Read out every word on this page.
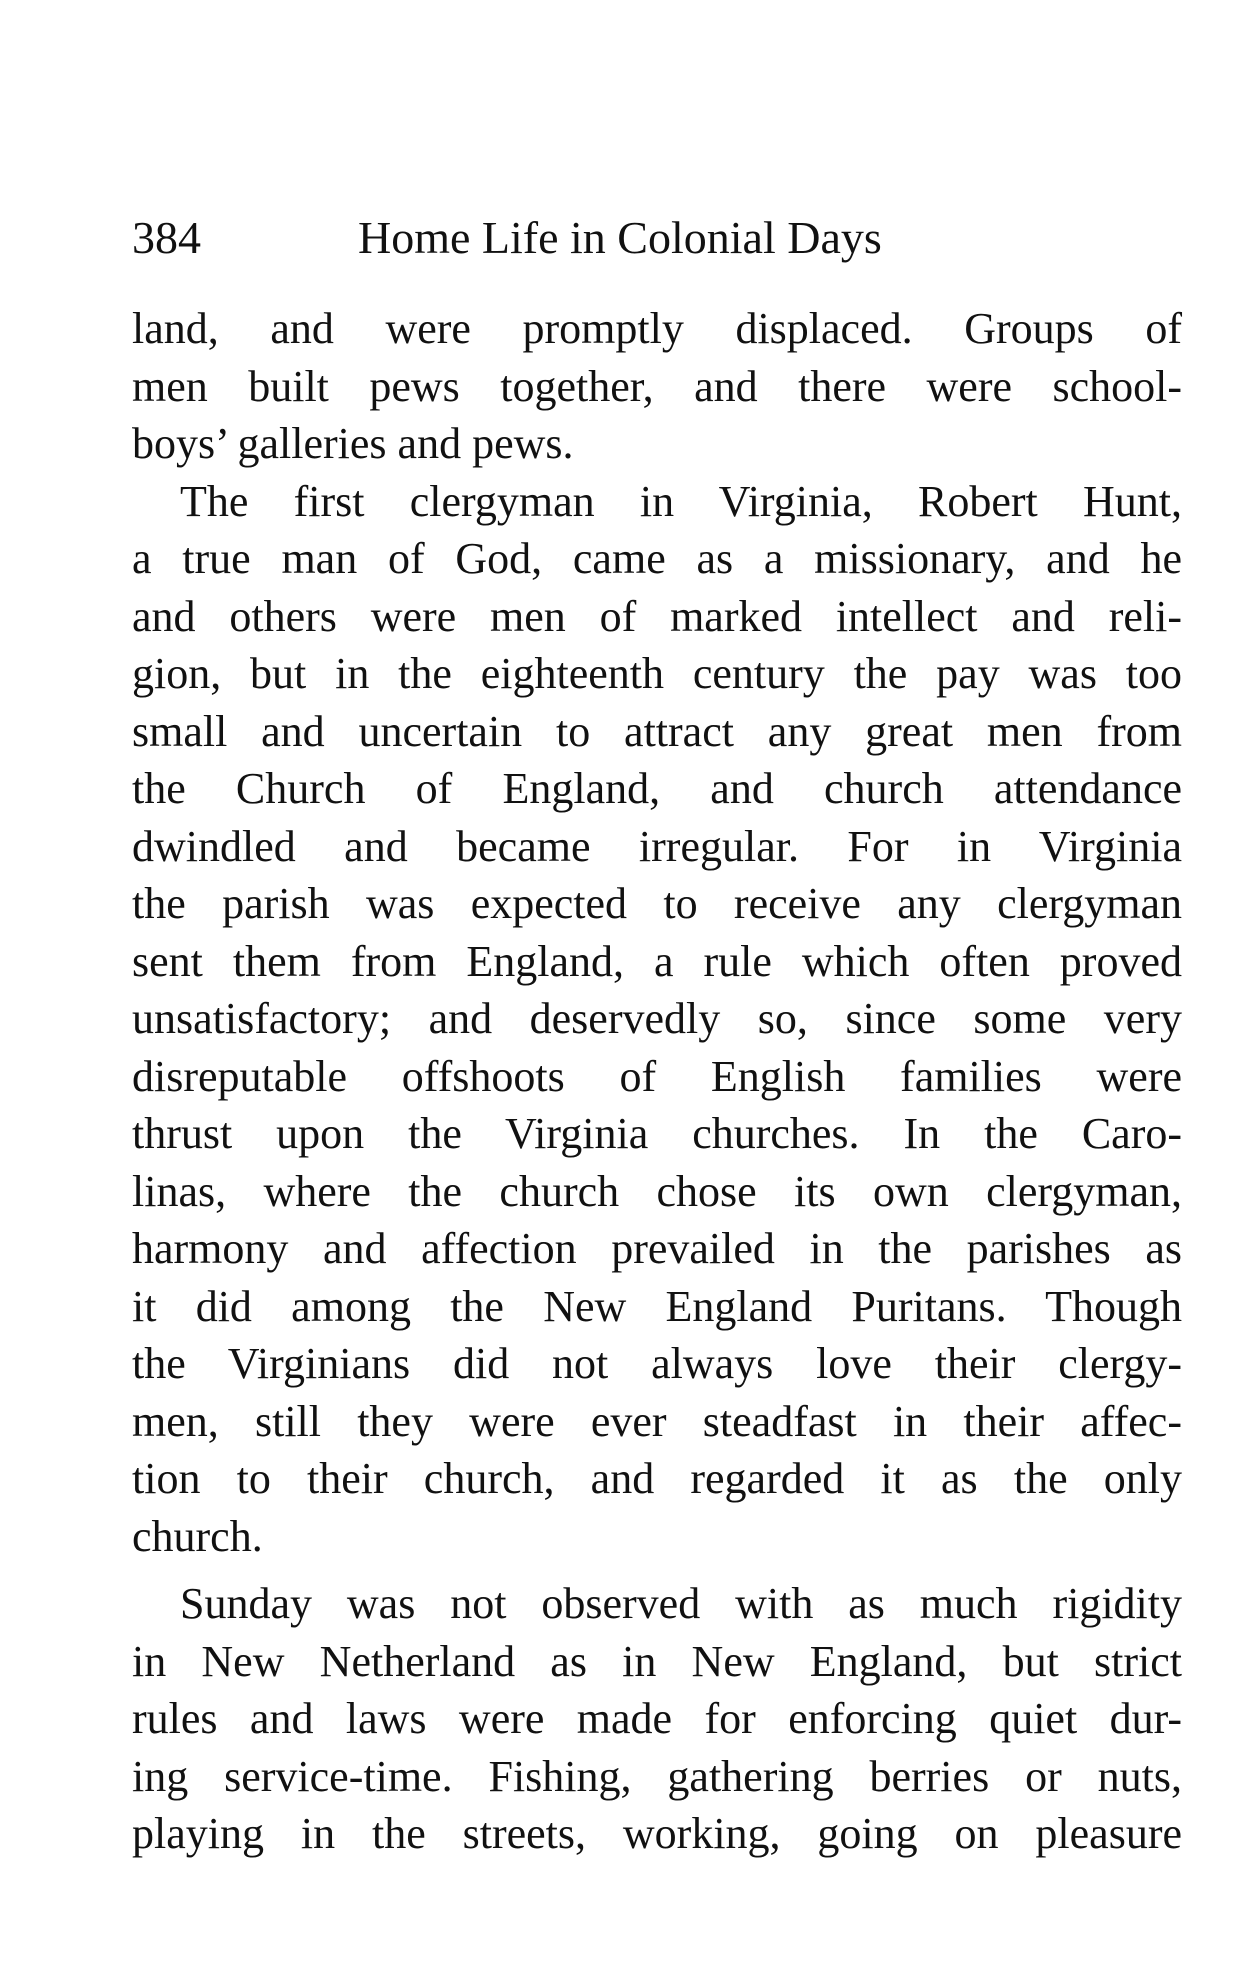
384	Home Life in Colonial Days
land, and were promptly displaced. Groups of
men built pews together, and there were school-
boys’ galleries and pews.
The first clergyman in Virginia, Robert Hunt,
a true man of God, came as a missionary, and he
and others were men of marked intellect and reli-
gion, but in the eighteenth century the pay was too
small and uncertain to attract any great men from
the Church of England, and church attendance
dwindled and became irregular. For in Virginia
the parish was expected to receive any clergyman
sent them from England, a rule which often proved
unsatisfactory; and deservedly so, since some very
disreputable offshoots of English families were
thrust upon the Virginia churches. In the Caro-
linas, where the church chose its own clergyman,
harmony and affection prevailed in the parishes as
it did among the New England Puritans. Though
the Virginians did not always love their clergy-
men, still they were ever steadfast in their affec-
tion to their church, and regarded it as the only
church.
Sunday was not observed with as much rigidity
in New Netherland as in New England, but strict
rules and laws were made for enforcing quiet dur-
ing service-time. Fishing, gathering berries or nuts,
playing in the streets, working, going on pleasure
